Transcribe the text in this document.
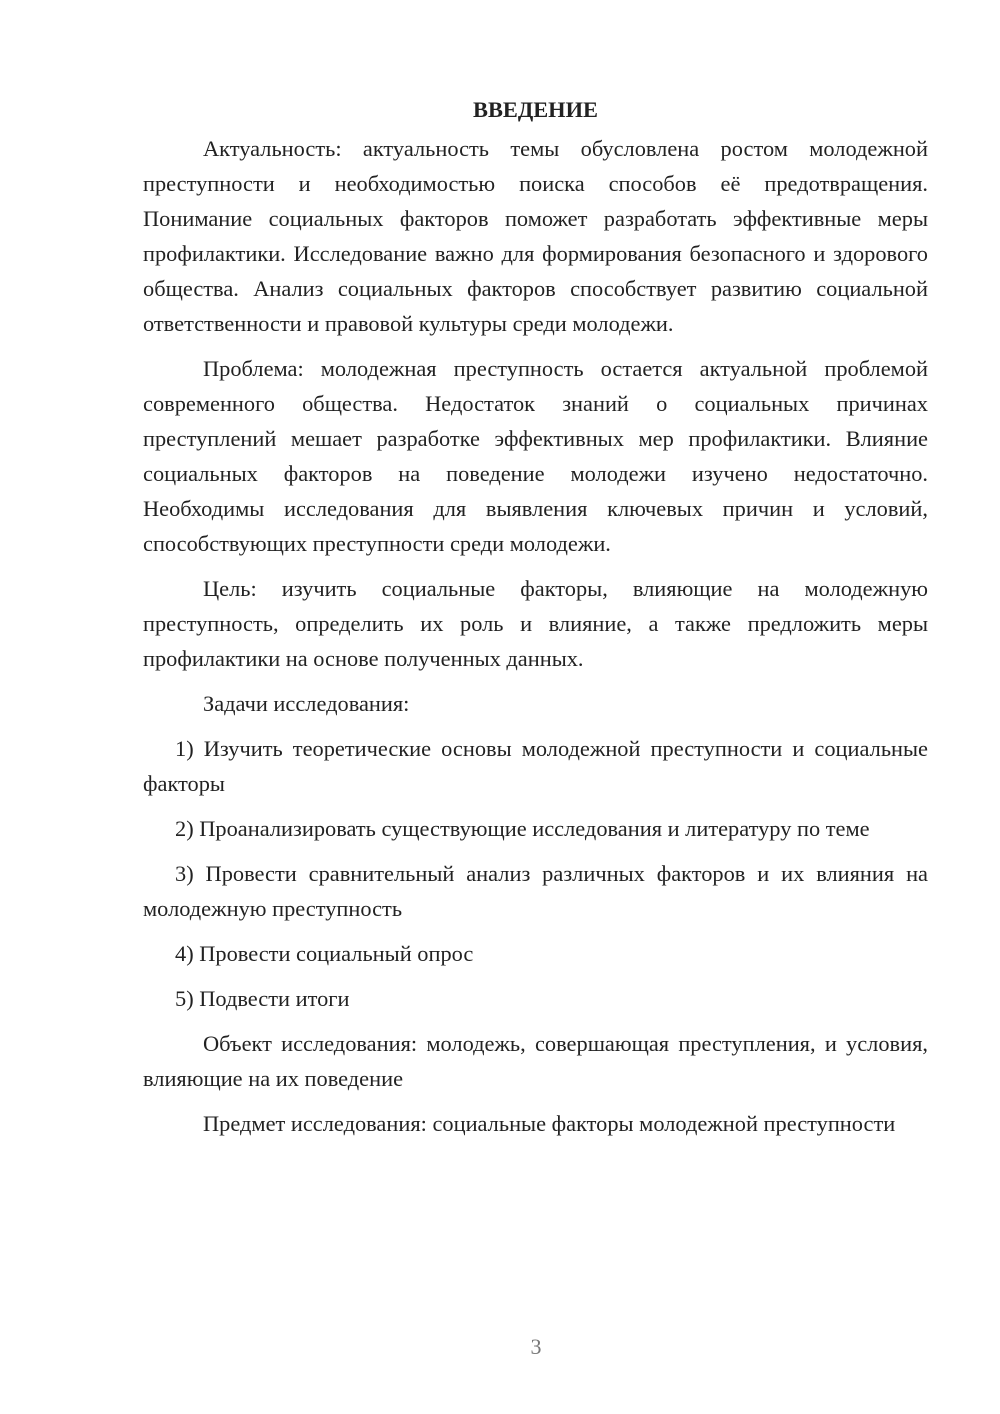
ВВЕДЕНИЕ

Актуальность: актуальность темы обусловлена ростом молодежной преступности и необходимостью поиска способов её предотвращения. Понимание социальных факторов поможет разработать эффективные меры профилактики. Исследование важно для формирования безопасного и здорового общества. Анализ социальных факторов способствует развитию социальной ответственности и правовой культуры среди молодежи.

Проблема: молодежная преступность остается актуальной проблемой современного общества. Недостаток знаний о социальных причинах преступлений мешает разработке эффективных мер профилактики. Влияние социальных факторов на поведение молодежи изучено недостаточно. Необходимы исследования для выявления ключевых причин и условий, способствующих преступности среди молодежи.

Цель: изучить социальные факторы, влияющие на молодежную преступность, определить их роль и влияние, а также предложить меры профилактики на основе полученных данных.

Задачи исследования:

1) Изучить теоретические основы молодежной преступности и социальные факторы

2) Проанализировать существующие исследования и литературу по теме

3) Провести сравнительный анализ различных факторов и их влияния на молодежную преступность

4) Провести социальный опрос

5) Подвести итоги

Объект исследования: молодежь, совершающая преступления, и условия, влияющие на их поведение

Предмет исследования: социальные факторы молодежной преступности

3
